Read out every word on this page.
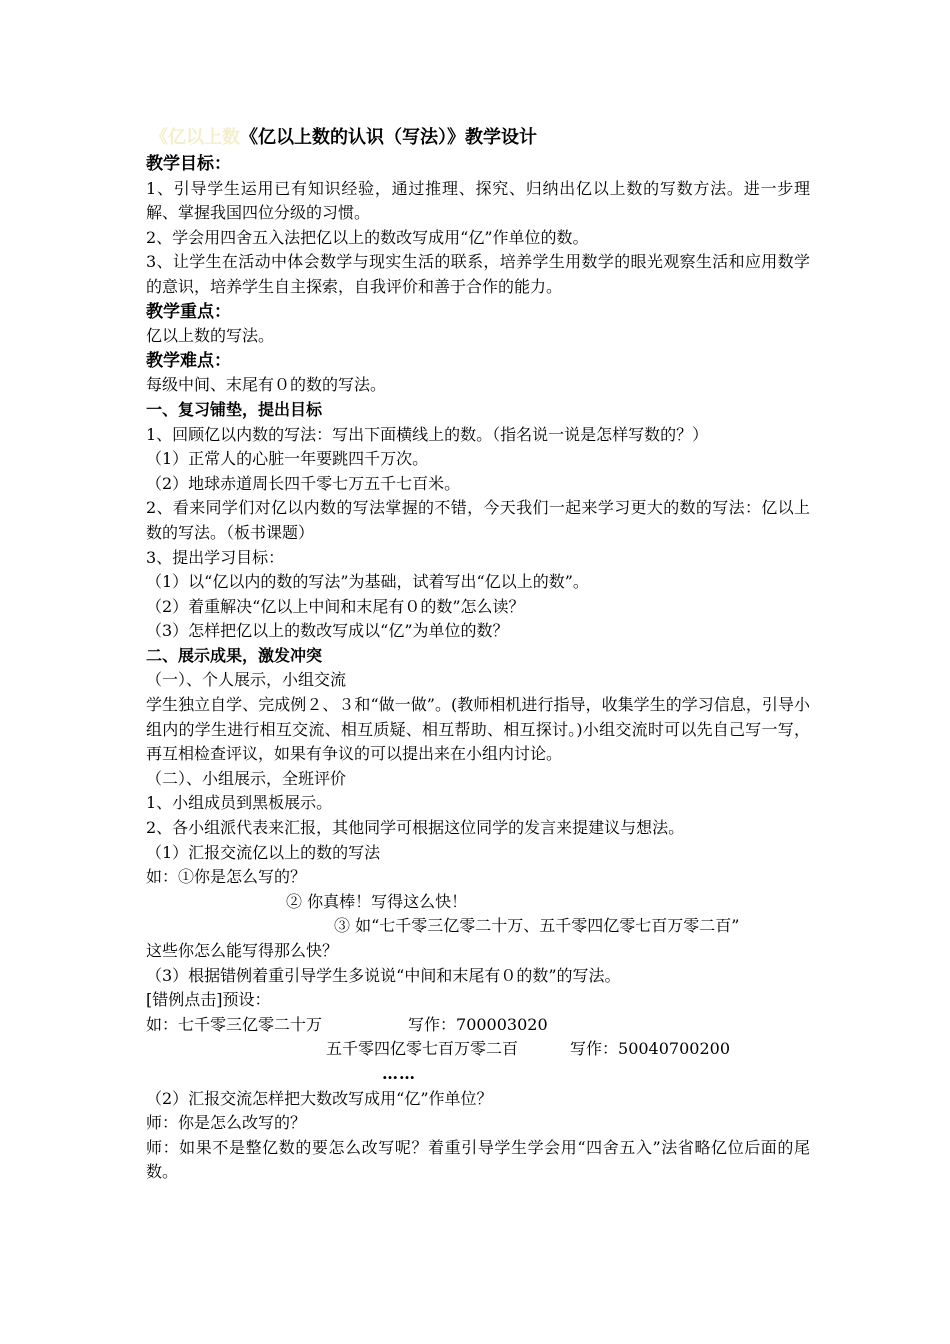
《亿以上数《亿以上数的认识（写法）》教学设计
教学目标：

1、引导学生运用已有知识经验，通过推理、探究、归纳出亿以上数的写数方法。进一步理解、掌握我国四位分级的习惯。

2、学会用四舍五入法把亿以上的数改写成用“亿”作单位的数。

3、让学生在活动中体会数学与现实生活的联系，培养学生用数学的眼光观察生活和应用数学的意识，培养学生自主探索，自我评价和善于合作的能力。

教学重点：

亿以上数的写法。

教学难点：

每级中间、末尾有０的数的写法。

一、复习铺垫，提出目标

1、回顾亿以内数的写法：写出下面横线上的数。（指名说一说是怎样写数的？）

（1）正常人的心脏一年要跳四千万次。

（2）地球赤道周长四千零七万五千七百米。

2、看来同学们对亿以内数的写法掌握的不错，今天我们一起来学习更大的数的写法：亿以上数的写法。（板书课题）

3、提出学习目标：

（1）以“亿以内的数的写法”为基础，试着写出“亿以上的数”。

（2）着重解决“亿以上中间和末尾有０的数”怎么读？

（3）怎样把亿以上的数改写成以“亿”为单位的数？

二、展示成果，激发冲突

（一）、个人展示，小组交流

学生独立自学、完成例２、３和“做一做”。(教师相机进行指导，收集学生的学习信息，引导小组内的学生进行相互交流、相互质疑、相互帮助、相互探讨。)小组交流时可以先自己写一写，再互相检查评议，如果有争议的可以提出来在小组内讨论。

（二）、小组展示，全班评价

1、小组成员到黑板展示。

2、各小组派代表来汇报，其他同学可根据这位同学的发言来提建议与想法。

（1）汇报交流亿以上的数的写法

如：①你是怎么写的？

② 你真棒！写得这么快！

③ 如“七千零三亿零二十万、五千零四亿零七百万零二百”

这些你怎么能写得那么快？

（3）根据错例着重引导学生多说说“中间和末尾有０的数”的写法。

[错例点击]预设：

如：七千零三亿零二十万	写作：700003020
五千零四亿零七百万零二百	写作：50040700200

……

（2）汇报交流怎样把大数改写成用“亿”作单位？

师：你是怎么改写的？

师：如果不是整亿数的要怎么改写呢？着重引导学生学会用“四舍五入”法省略亿位后面的尾数。
